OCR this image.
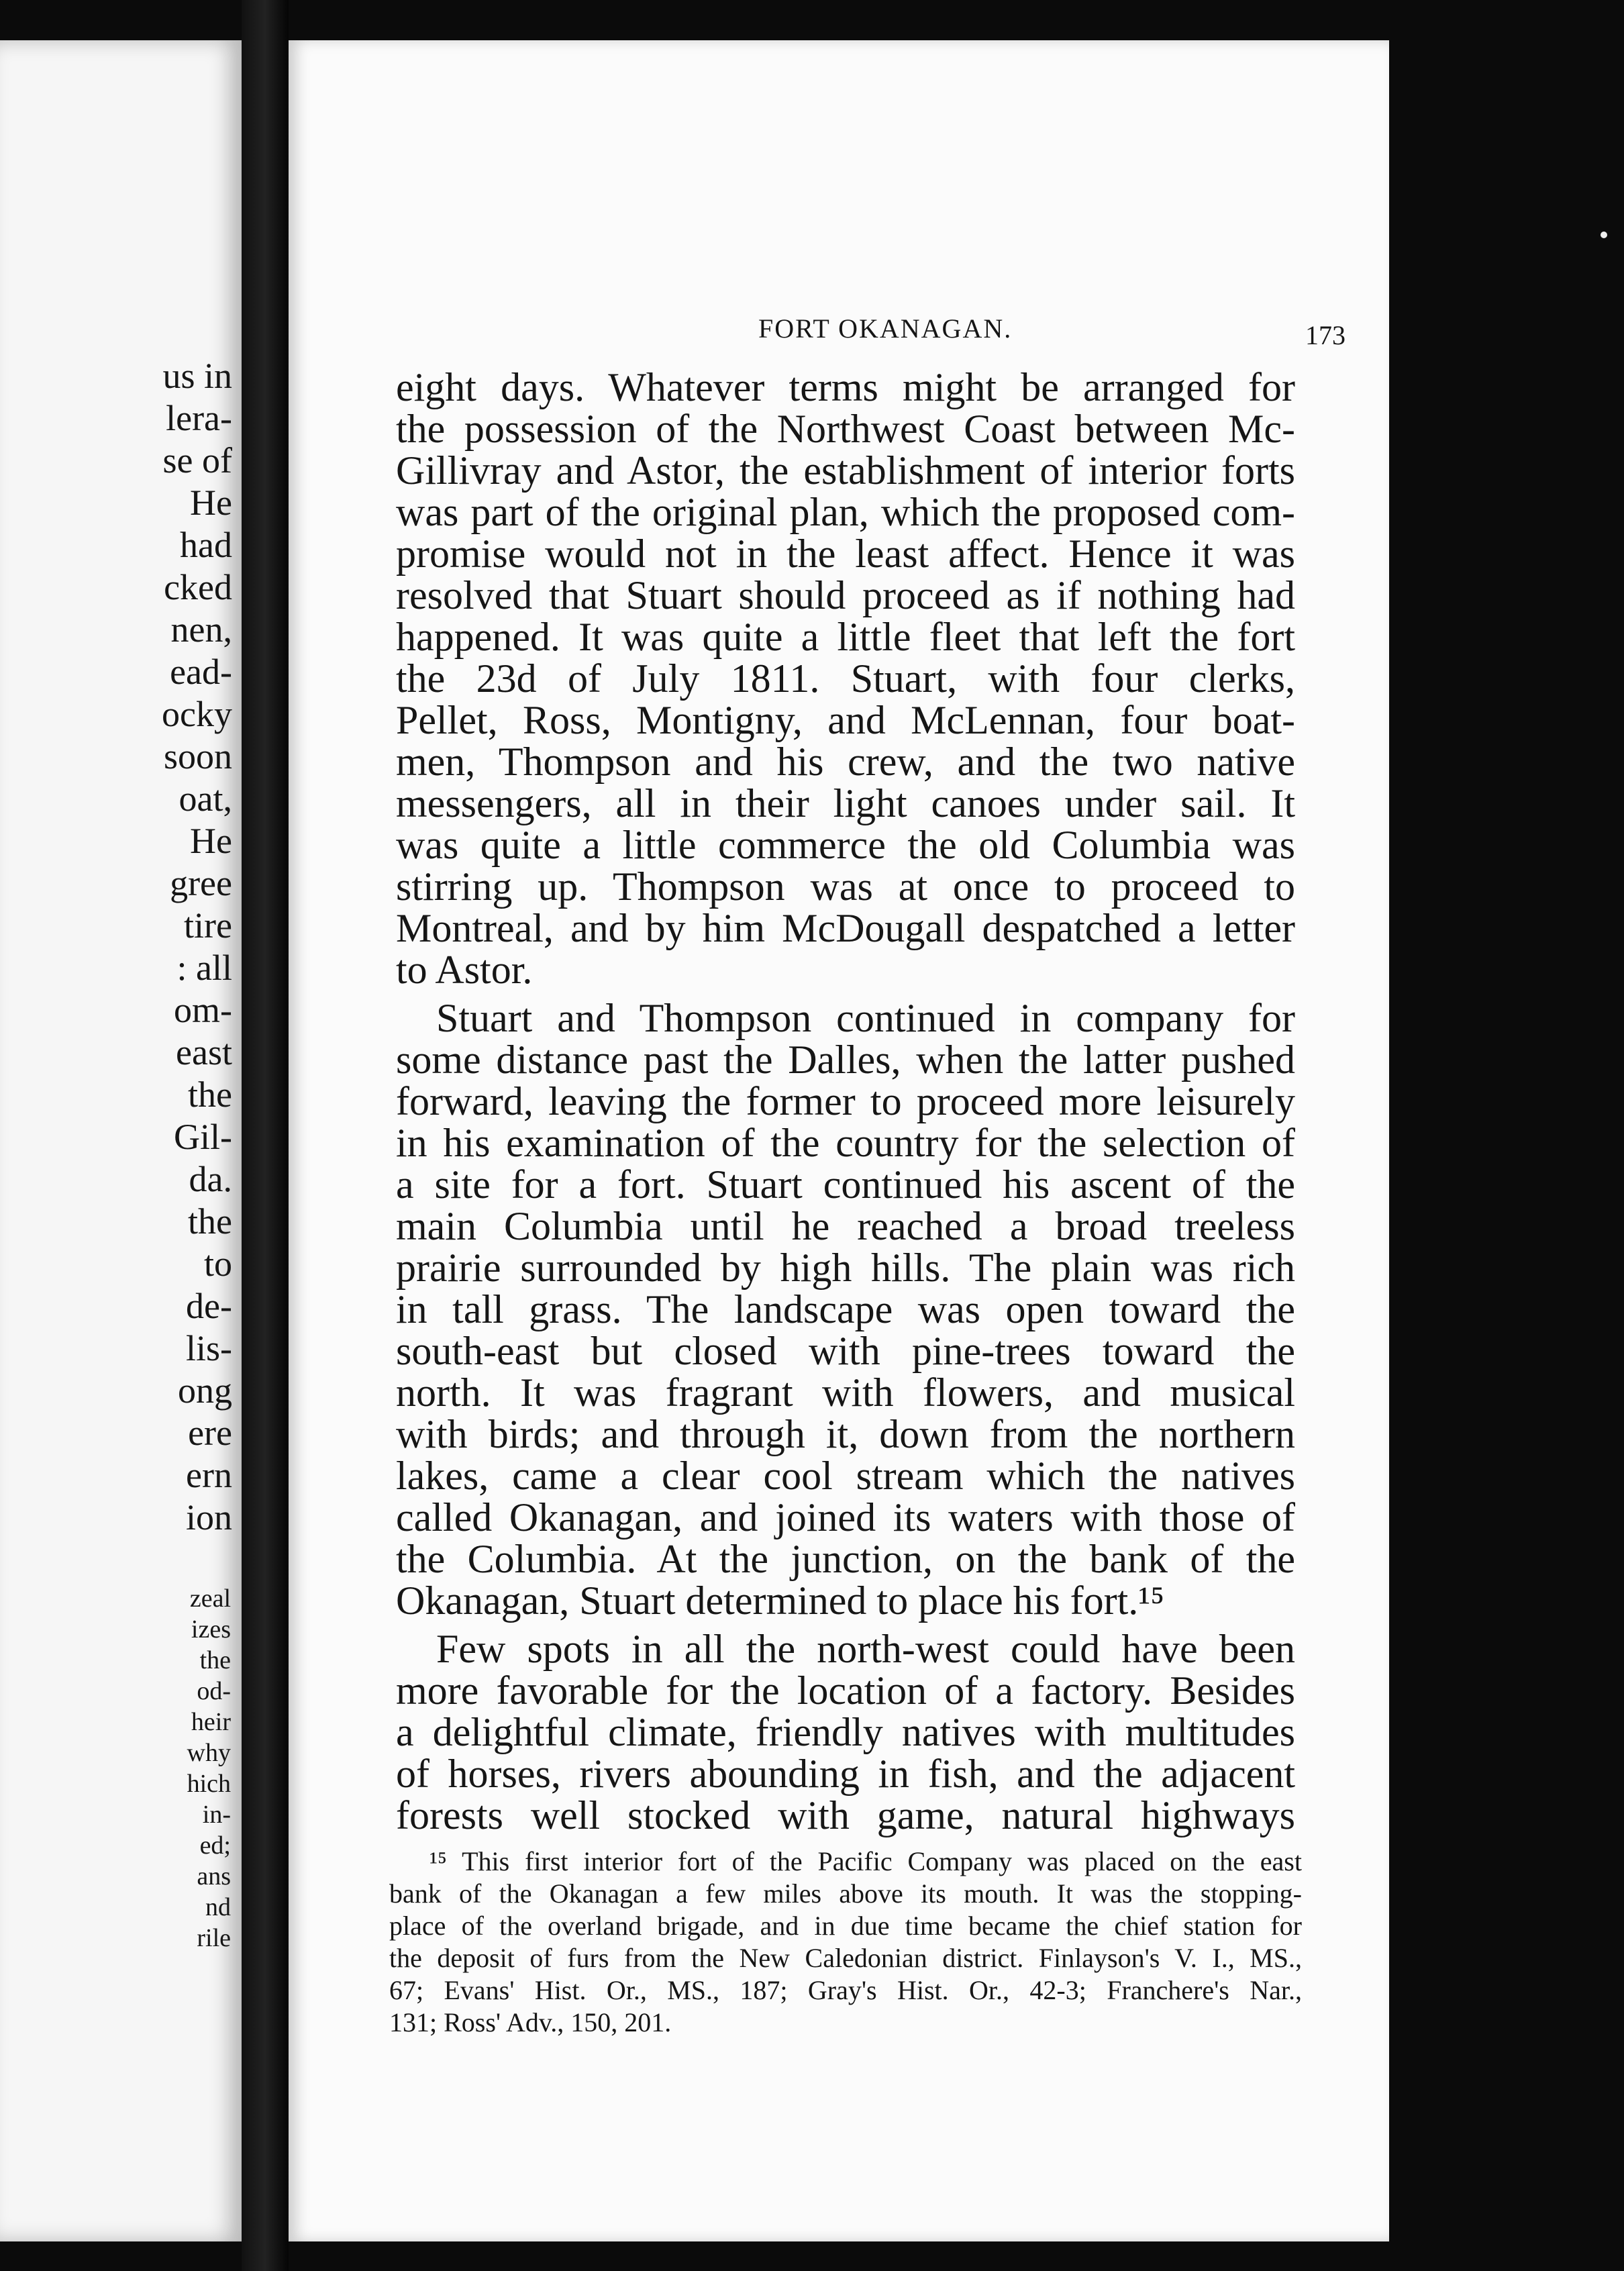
us in
lera-
se of
He
had
cked
nen,
ead-
ocky
soon
oat,
He
gree
tire
: all
om-
east
the
Gil-
da.
the
to
de-
lis-
ong
ere
ern
ion
zeal
izes
the
od-
heir
why
hich
in-
ed;
ans
nd
rile
FORT OKANAGAN.	173
eight days. Whatever terms might be arranged for
the possession of the Northwest Coast between Mc-
Gillivray and Astor, the establishment of interior forts
was part of the original plan, which the proposed com-
promise would not in the least affect. Hence it was
resolved that Stuart should proceed as if nothing had
happened. It was quite a little fleet that left the fort
the 23d of July 1811. Stuart, with four clerks,
Pellet, Ross, Montigny, and McLennan, four boat-
men, Thompson and his crew, and the two native
messengers, all in their light canoes under sail. It
was quite a little commerce the old Columbia was
stirring up. Thompson was at once to proceed to
Montreal, and by him McDougall despatched a letter
to Astor.
Stuart and Thompson continued in company for
some distance past the Dalles, when the latter pushed
forward, leaving the former to proceed more leisurely
in his examination of the country for the selection of
a site for a fort. Stuart continued his ascent of the
main Columbia until he reached a broad treeless
prairie surrounded by high hills. The plain was rich
in tall grass. The landscape was open toward the
south-east but closed with pine-trees toward the
north. It was fragrant with flowers, and musical
with birds; and through it, down from the northern
lakes, came a clear cool stream which the natives
called Okanagan, and joined its waters with those of
the Columbia. At the junction, on the bank of the
Okanagan, Stuart determined to place his fort.¹⁵
Few spots in all the north-west could have been
more favorable for the location of a factory. Besides
a delightful climate, friendly natives with multitudes
of horses, rivers abounding in fish, and the adjacent
forests well stocked with game, natural highways
¹⁵ This first interior fort of the Pacific Company was placed on the east
bank of the Okanagan a few miles above its mouth. It was the stopping-
place of the overland brigade, and in due time became the chief station for
the deposit of furs from the New Caledonian district. Finlayson's V. I., MS.,
67; Evans' Hist. Or., MS., 187; Gray's Hist. Or., 42-3; Franchere's Nar.,
131; Ross' Adv., 150, 201.
